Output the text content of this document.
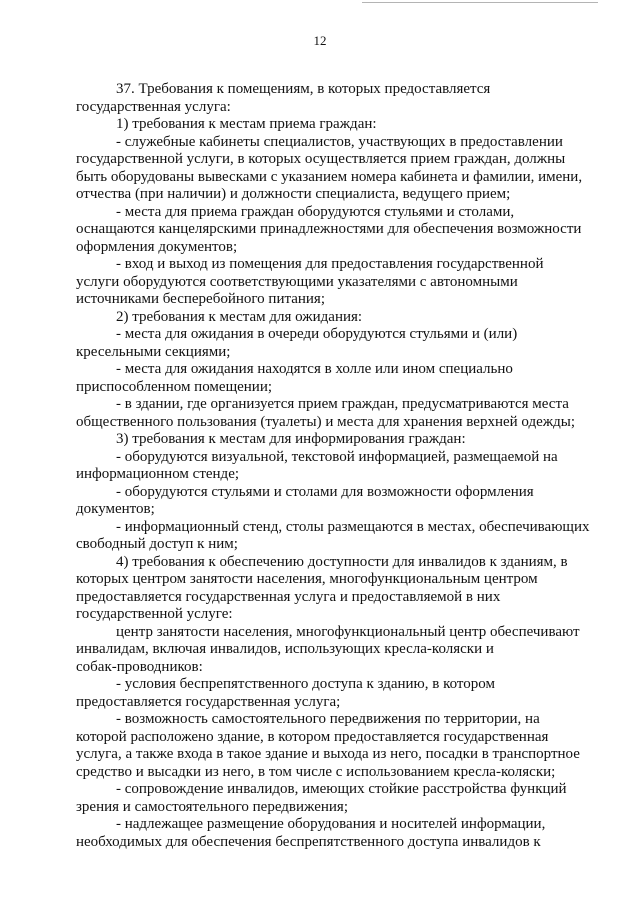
12

37. Требования к помещениям, в которых предоставляется
государственная услуга:

1) требования к местам приема граждан:

- служебные кабинеты специалистов, участвующих в предоставлении
государственной услуги, в которых осуществляется прием граждан, должны
быть оборудованы вывесками с указанием номера кабинета и фамилии, имени,
отчества (при наличии) и должности специалиста, ведущего прием;

- места для приема граждан оборудуются стульями и столами,
оснащаются канцелярскими принадлежностями для обеспечения возможности
оформления документов;

- вход и выход из помещения для предоставления государственной
услуги оборудуются соответствующими указателями с автономными
источниками бесперебойного питания;

2) требования к местам для ожидания:

- места для ожидания в очереди оборудуются стульями и (или)
кресельными секциями;

- места для ожидания находятся в холле или ином специально
приспособленном помещении;

- в здании, где организуется прием граждан, предусматриваются места
общественного пользования (туалеты) и места для хранения верхней одежды;

3) требования к местам для информирования граждан:

- оборудуются визуальной, текстовой информацией, размещаемой на
информационном стенде;

- оборудуются стульями и столами для возможности оформления
документов;

- информационный стенд, столы размещаются в местах, обеспечивающих
свободный доступ к ним;

4) требования к обеспечению доступности для инвалидов к зданиям, в
которых центром занятости населения, многофункциональным центром
предоставляется государственная услуга и предоставляемой в них
государственной услуге:

центр занятости населения, многофункциональный центр обеспечивают
инвалидам, включая инвалидов, использующих кресла-коляски и
собак-проводников:

- условия беспрепятственного доступа к зданию, в котором
предоставляется государственная услуга;

- возможность самостоятельного передвижения по территории, на
которой расположено здание, в котором предоставляется государственная
услуга, а также входа в такое здание и выхода из него, посадки в транспортное
средство и высадки из него, в том числе с использованием кресла-коляски;

- сопровождение инвалидов, имеющих стойкие расстройства функций
зрения и самостоятельного передвижения;

- надлежащее размещение оборудования и носителей информации,
необходимых для обеспечения беспрепятственного доступа инвалидов к
